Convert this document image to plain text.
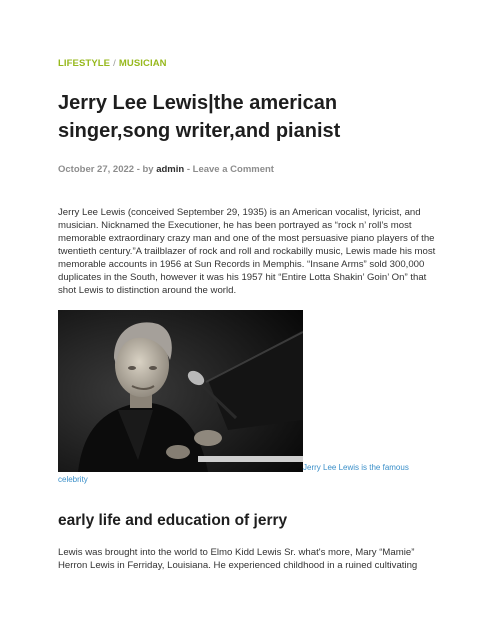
LIFESTYLE / MUSICIAN
Jerry Lee Lewis|the american singer,song writer,and pianist
October 27, 2022 - by admin - Leave a Comment

Jerry Lee Lewis (conceived September 29, 1935) is an American vocalist, lyricist, and musician. Nicknamed the Executioner, he has been portrayed as “rock n’ roll’s most memorable extraordinary crazy man and one of the most persuasive piano players of the twentieth century.”A trailblazer of rock and roll and rockabilly music, Lewis made his most memorable accounts in 1956 at Sun Records in Memphis. “Insane Arms” sold 300,000 duplicates in the South, however it was his 1957 hit “Entire Lotta Shakin’ Goin’ On” that shot Lewis to distinction around the world.

Jerry Lee Lewis is the famous
celebrity
early life and education of jerry

Lewis was brought into the world to Elmo Kidd Lewis Sr. what's more, Mary “Mamie” Herron Lewis in Ferriday, Louisiana. He experienced childhood in a ruined cultivating
